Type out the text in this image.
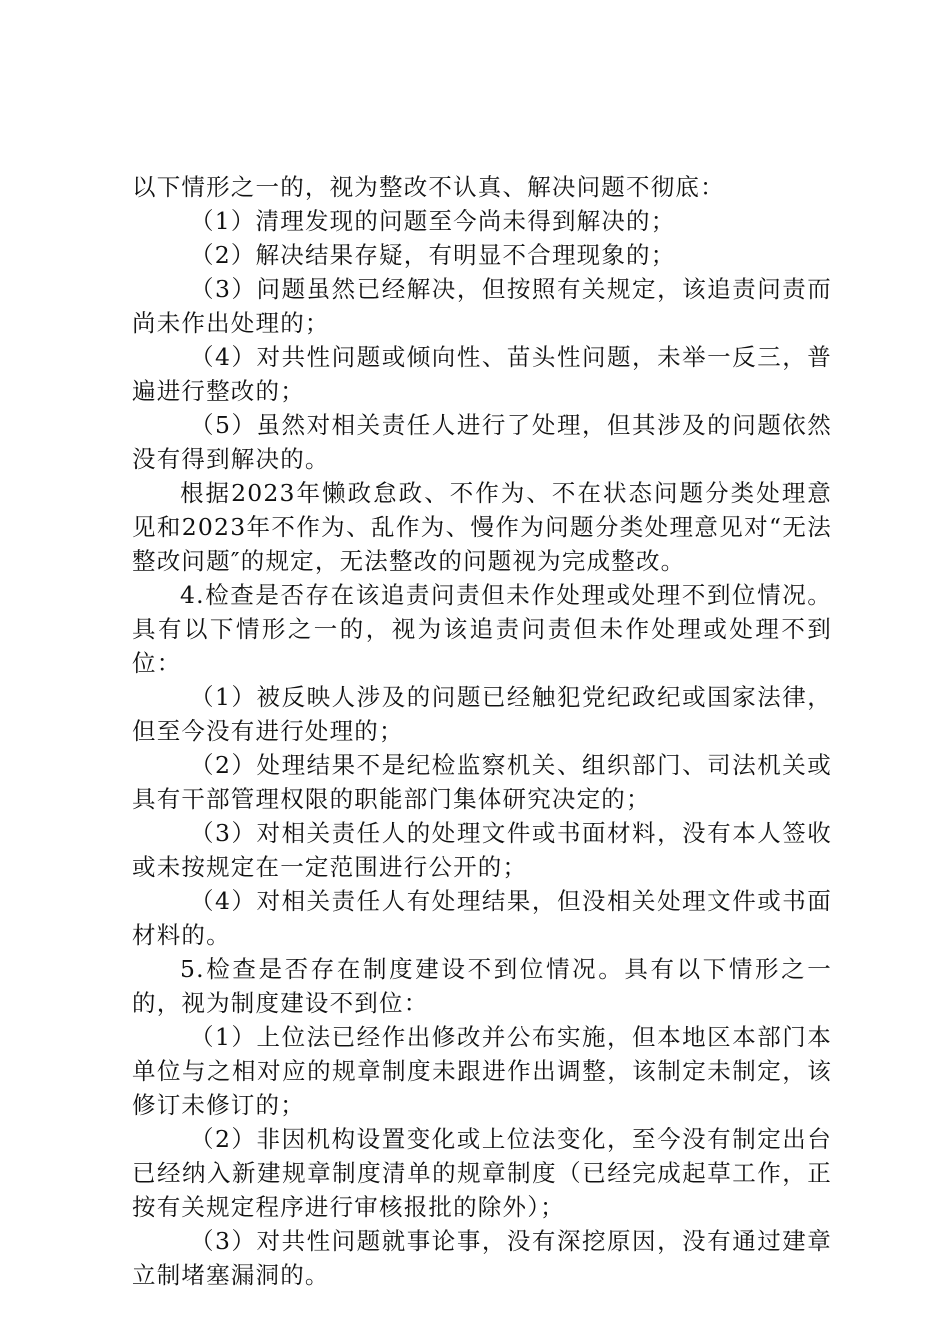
以下情形之一的，视为整改不认真、解决问题不彻底：

（1）清理发现的问题至今尚未得到解决的；

（2）解决结果存疑，有明显不合理现象的；

（3）问题虽然已经解决，但按照有关规定，该追责问责而尚未作出处理的；

（4）对共性问题或倾向性、苗头性问题，未举一反三，普遍进行整改的；

（5）虽然对相关责任人进行了处理，但其涉及的问题依然没有得到解决的。

根据2023年懒政怠政、不作为、不在状态问题分类处理意见和2023年不作为、乱作为、慢作为问题分类处理意见对“无法整改问题″的规定，无法整改的问题视为完成整改。

4.检查是否存在该追责问责但未作处理或处理不到位情况。具有以下情形之一的，视为该追责问责但未作处理或处理不到位：

（1）被反映人涉及的问题已经触犯党纪政纪或国家法律，但至今没有进行处理的；

（2）处理结果不是纪检监察机关、组织部门、司法机关或具有干部管理权限的职能部门集体研究决定的；

（3）对相关责任人的处理文件或书面材料，没有本人签收或未按规定在一定范围进行公开的；

（4）对相关责任人有处理结果，但没相关处理文件或书面材料的。

5.检查是否存在制度建设不到位情况。具有以下情形之一的，视为制度建设不到位：

（1）上位法已经作出修改并公布实施，但本地区本部门本单位与之相对应的规章制度未跟进作出调整，该制定未制定，该修订未修订的；

（2）非因机构设置变化或上位法变化，至今没有制定出台已经纳入新建规章制度清单的规章制度（已经完成起草工作，正按有关规定程序进行审核报批的除外）；

（3）对共性问题就事论事，没有深挖原因，没有通过建章立制堵塞漏洞的。
